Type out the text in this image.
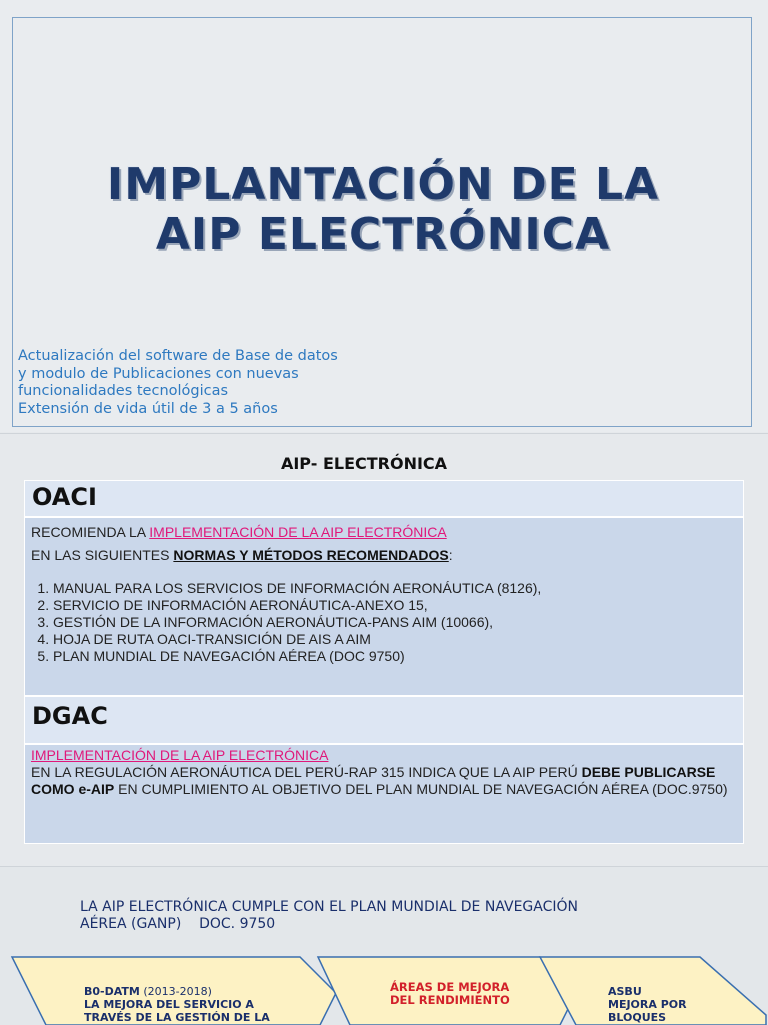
IMPLANTACIÓN DE LA
AIP ELECTRÓNICA
Actualización del software de Base de datos
y modulo de Publicaciones con nuevas
funcionalidades tecnológicas
Extensión de vida útil de 3 a 5 años
AIP- ELECTRÓNICA
OACI

RECOMIENDA LA IMPLEMENTACIÓN DE LA AIP ELECTRÓNICA

EN LAS SIGUIENTES NORMAS Y MÉTODOS RECOMENDADOS:

1. MANUAL PARA LOS SERVICIOS DE INFORMACIÓN AERONÁUTICA (8126),
2. SERVICIO DE INFORMACIÓN AERONÁUTICA-ANEXO 15,
3. GESTIÓN DE LA INFORMACIÓN AERONÁUTICA-PANS AIM (10066),
4. HOJA DE RUTA OACI-TRANSICIÓN DE AIS A AIM
5. PLAN MUNDIAL DE NAVEGACIÓN AÉREA (DOC 9750)
DGAC

IMPLEMENTACIÓN DE LA AIP ELECTRÓNICA

EN LA REGULACIÓN AERONÁUTICA DEL PERÚ-RAP 315 INDICA QUE LA AIP PERÚ DEBE PUBLICARSE COMO e-AIP EN CUMPLIMIENTO AL OBJETIVO DEL PLAN MUNDIAL DE NAVEGACIÓN AÉREA (DOC.9750)

LA AIP ELECTRÓNICA CUMPLE CON EL PLAN MUNDIAL DE NAVEGACIÓN
AÉREA (GANP)    DOC. 9750
B0-DATM (2013-2018)
LA MEJORA DEL SERVICIO A
TRAVÉS DE LA GESTIÓN DE LA
ÁREAS DE MEJORA
DEL RENDIMIENTO
ASBU
MEJORA POR
BLOQUES
